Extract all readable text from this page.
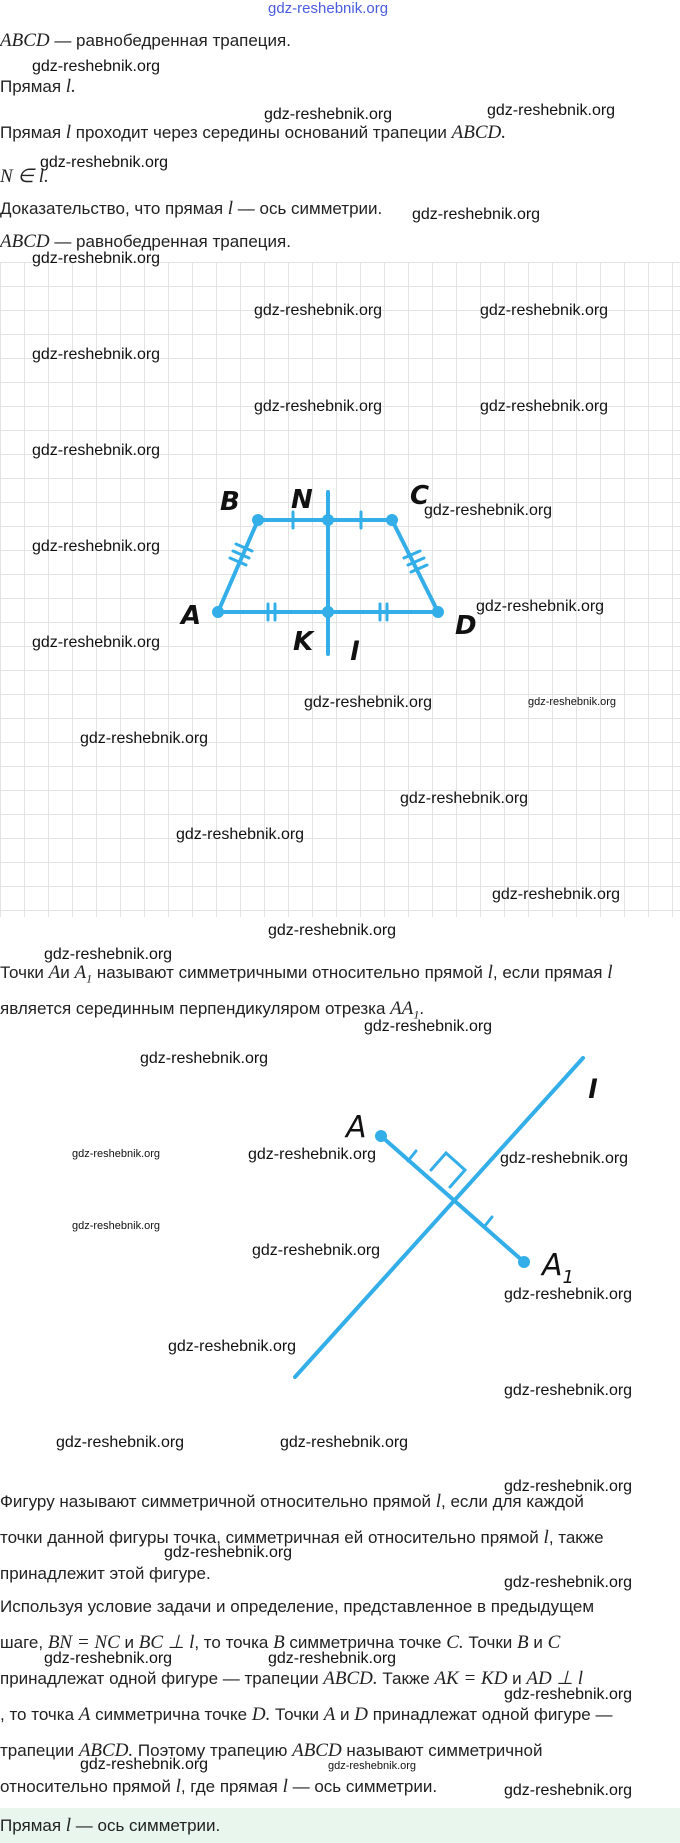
gdz-reshebnik.org
ABCD — равнобедренная трапеция.
Прямая l.
Прямая l проходит через середины оснований трапеции ABCD.
N ∈ l.
Доказательство, что прямая l — ось симметрии.
ABCD — равнобедренная трапеция.
A
B	C
D
N
K l
Точки Aи $A_1$ называют симметричными относительно прямой l, если прямая l
является серединным перпендикуляром отрезка $AA_1$.
A
$A_1$
l
Фигуру называют симметричной относительно прямой l, если для каждой
точки данной фигуры точка, симметричная ей относительно прямой l, также
принадлежит этой фигуре.
Используя условие задачи и определение, представленное в предыдущем
шаге, BN = NC и BC ⊥ l, то точка B симметрична точке C. Точки B и C
принадлежат одной фигуре — трапеции ABCD. Также AK = KD и AD ⊥ l
, то точка A симметрична точке D. Точки A и D принадлежат одной фигуре —
трапеции ABCD. Поэтому трапецию ABCD называют симметричной
относительно прямой l, где прямая l — ось симметрии.
Прямая l — ось симметрии.
gdz-reshebnik.org
gdz-reshebnik.org	gdz-reshebnik.org
gdz-reshebnik.org
gdz-reshebnik.org
gdz-reshebnik.org
gdz-reshebnik.org	gdz-reshebnik.org
gdz-reshebnik.org
gdz-reshebnik.org	gdz-reshebnik.org
gdz-reshebnik.org
gdz-reshebnik.org
gdz-reshebnik.org
gdz-reshebnik.org
gdz-reshebnik.org
gdz-reshebnik.org	gdz-reshebnik.org
gdz-reshebnik.org
gdz-reshebnik.org
gdz-reshebnik.org
gdz-reshebnik.org
gdz-reshebnik.org
gdz-reshebnik.org
gdz-reshebnik.org
gdz-reshebnik.org
gdz-reshebnik.org	gdz-reshebnik.org	gdz-reshebnik.org
gdz-reshebnik.org
gdz-reshebnik.org
gdz-reshebnik.org
gdz-reshebnik.org
gdz-reshebnik.org
gdz-reshebnik.org	gdz-reshebnik.org
gdz-reshebnik.org
gdz-reshebnik.org
gdz-reshebnik.org
gdz-reshebnik.org	gdz-reshebnik.org
gdz-reshebnik.org
gdz-reshebnik.org	gdz-reshebnik.org
gdz-reshebnik.org
